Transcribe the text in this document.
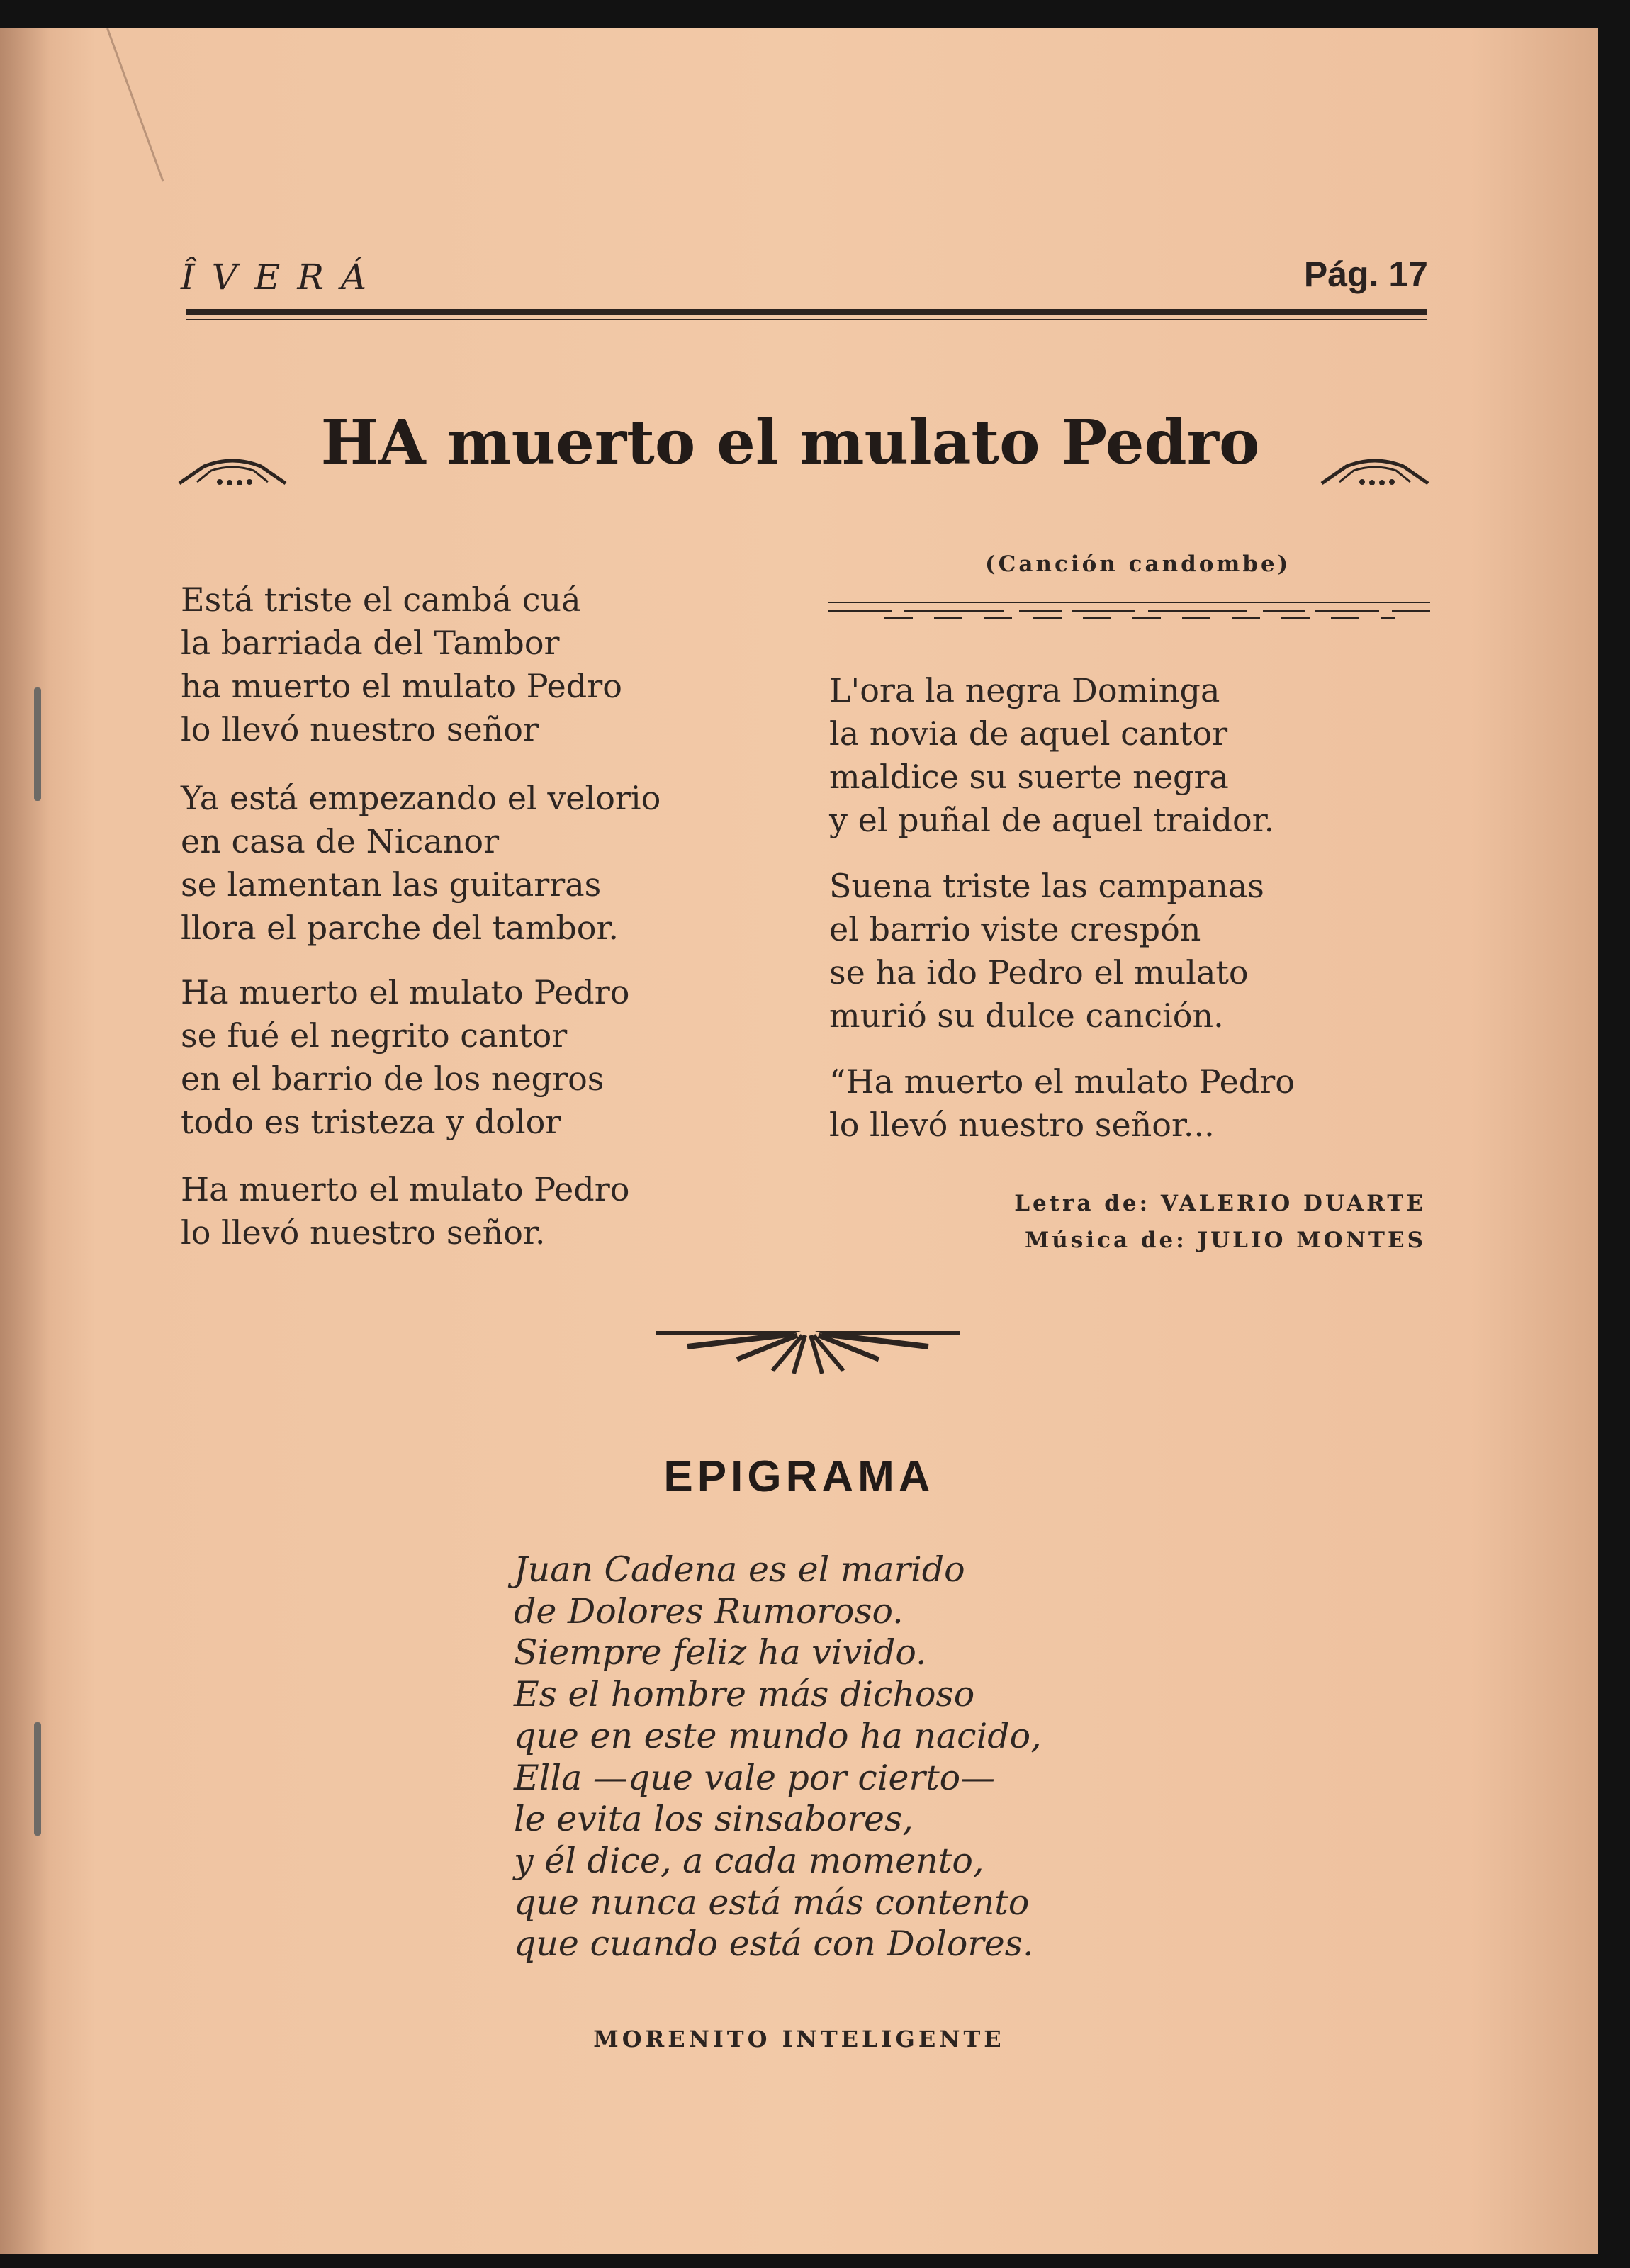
ÎVERÁ	Pág. 17
HA muerto el mulato Pedro
Está triste el cambá cuá
la barriada del Tambor
ha muerto el mulato Pedro
lo llevó nuestro señor
Ya está empezando el velorio
en casa de Nicanor
se lamentan las guitarras
llora el parche del tambor.
Ha muerto el mulato Pedro
se fué el negrito cantor
en el barrio de los negros
todo es tristeza y dolor
Ha muerto el mulato Pedro
lo llevó nuestro señor.
(Canción candombe)
L'ora la negra Dominga
la novia de aquel cantor
maldice su suerte negra
y el puñal de aquel traidor.
Suena triste las campanas
el barrio viste crespón
se ha ido Pedro el mulato
murió su dulce canción.
“Ha muerto el mulato Pedro
lo llevó nuestro señor...
Letra de: VALERIO DUARTE
Música de: JULIO MONTES
EPIGRAMA
Juan Cadena es el marido
de Dolores Rumoroso.
Siempre feliz ha vivido.
Es el hombre más dichoso
que en este mundo ha nacido,
Ella —que vale por cierto—
le evita los sinsabores,
y él dice, a cada momento,
que nunca está más contento
que cuando está con Dolores.
MORENITO INTELIGENTE
